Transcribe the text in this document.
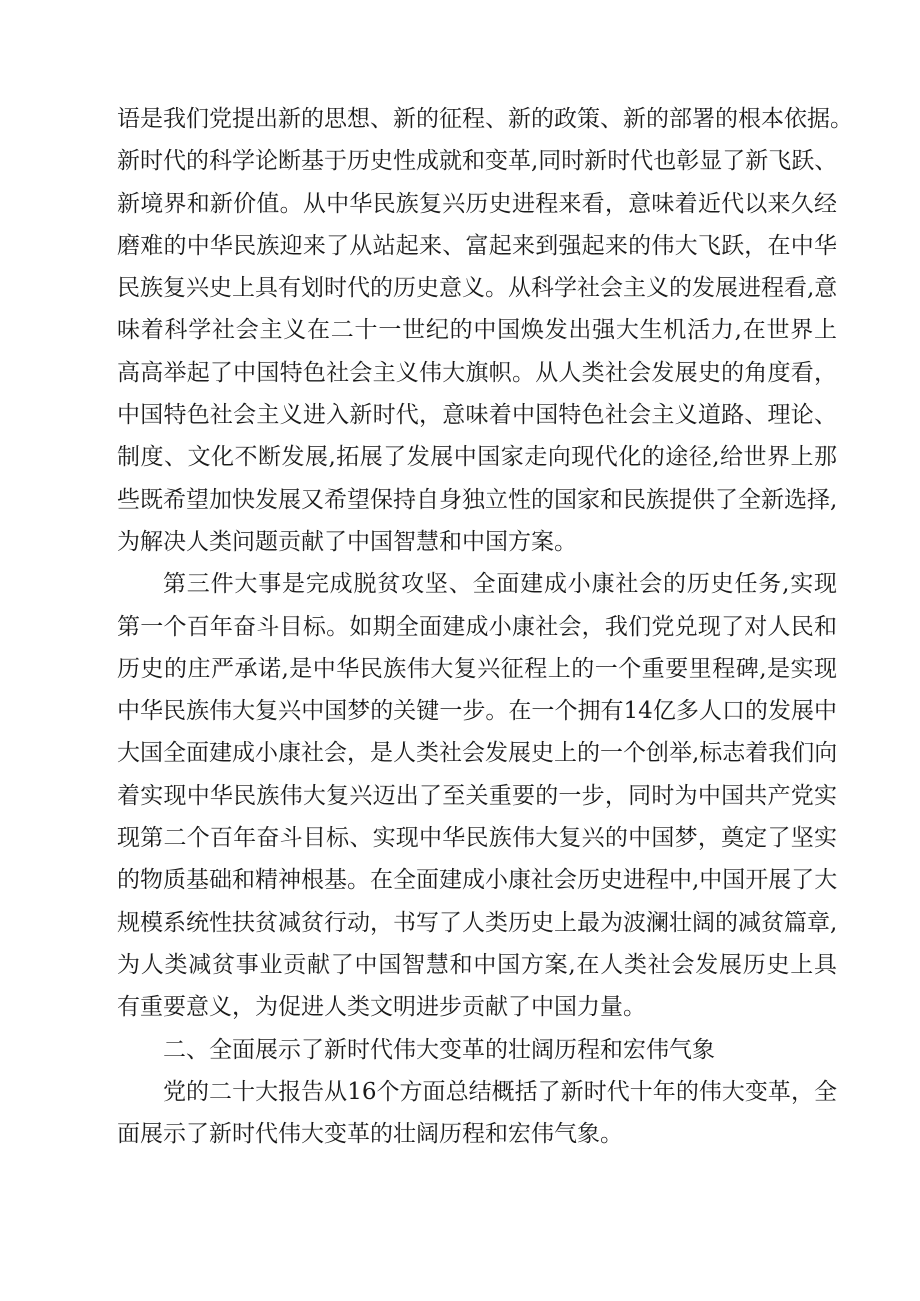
语是我们党提出新的思想、新的征程、新的政策、新的部署的根本依据。
新时代的科学论断基于历史性成就和变革,同时新时代也彰显了新飞跃、
新境界和新价值。从中华民族复兴历史进程来看，意味着近代以来久经
磨难的中华民族迎来了从站起来、富起来到强起来的伟大飞跃，在中华
民族复兴史上具有划时代的历史意义。从科学社会主义的发展进程看,意
味着科学社会主义在二十一世纪的中国焕发出强大生机活力,在世界上
高高举起了中国特色社会主义伟大旗帜。从人类社会发展史的角度看，
中国特色社会主义进入新时代，意味着中国特色社会主义道路、理论、
制度、文化不断发展,拓展了发展中国家走向现代化的途径,给世界上那
些既希望加快发展又希望保持自身独立性的国家和民族提供了全新选择,
为解决人类问题贡献了中国智慧和中国方案。
第三件大事是完成脱贫攻坚、全面建成小康社会的历史任务,实现
第一个百年奋斗目标。如期全面建成小康社会，我们党兑现了对人民和
历史的庄严承诺,是中华民族伟大复兴征程上的一个重要里程碑,是实现
中华民族伟大复兴中国梦的关键一步。在一个拥有14亿多人口的发展中
大国全面建成小康社会，是人类社会发展史上的一个创举,标志着我们向
着实现中华民族伟大复兴迈出了至关重要的一步，同时为中国共产党实
现第二个百年奋斗目标、实现中华民族伟大复兴的中国梦，奠定了坚实
的物质基础和精神根基。在全面建成小康社会历史进程中,中国开展了大
规模系统性扶贫减贫行动，书写了人类历史上最为波澜壮阔的减贫篇章,
为人类减贫事业贡献了中国智慧和中国方案,在人类社会发展历史上具
有重要意义，为促进人类文明进步贡献了中国力量。
二、全面展示了新时代伟大变革的壮阔历程和宏伟气象
党的二十大报告从16个方面总结概括了新时代十年的伟大变革，全
面展示了新时代伟大变革的壮阔历程和宏伟气象。
